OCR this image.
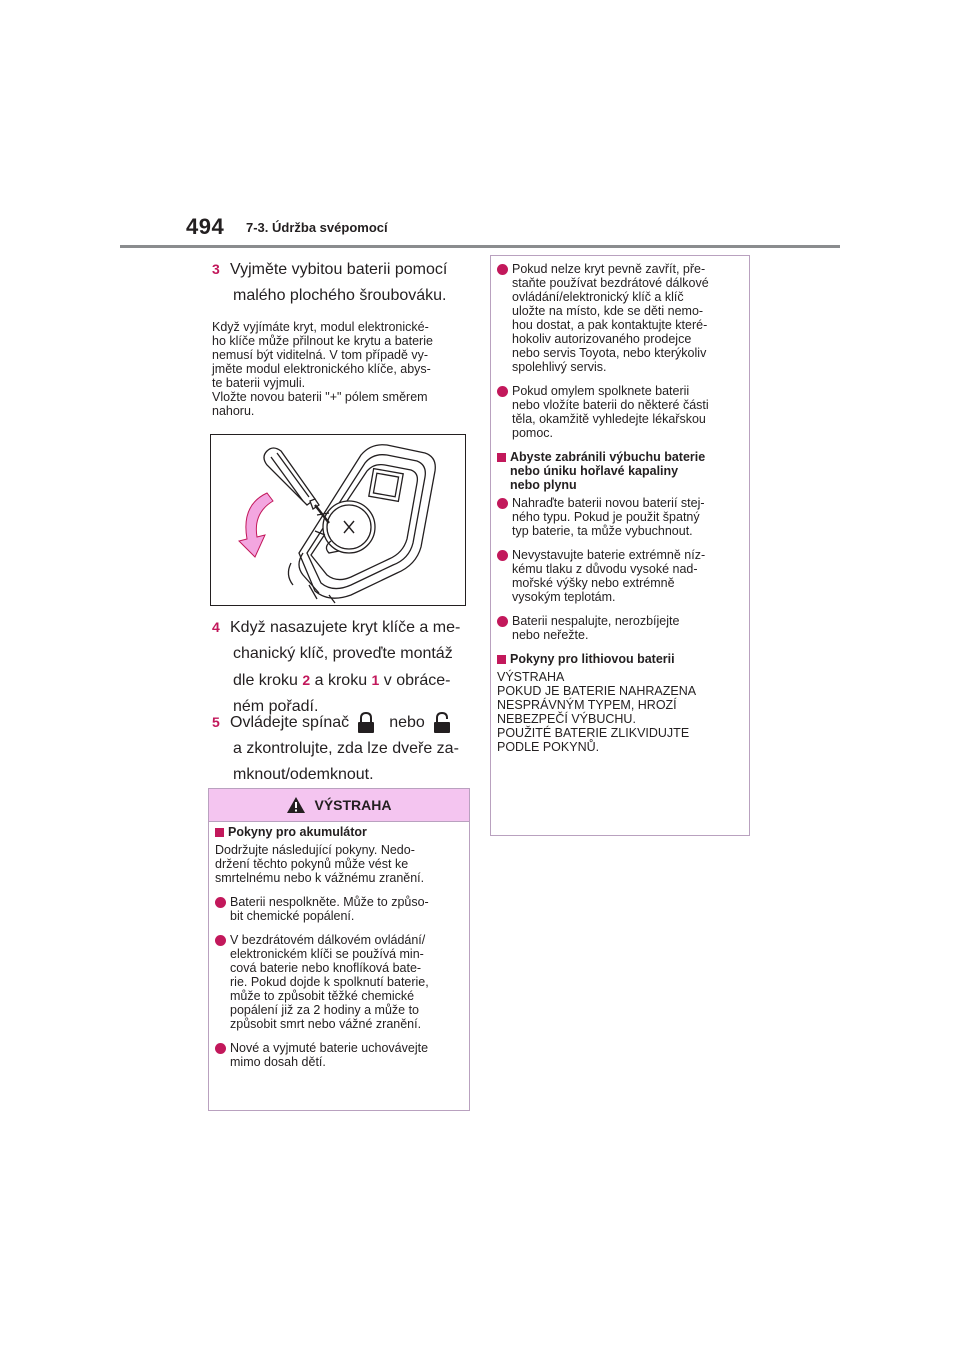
494 7-3. Údržba svépomocí
3 Vyjměte vybitou baterii pomocí
malého plochého šroubováku.
Když vyjímáte kryt, modul elektronické-
ho klíče může přilnout ke krytu a baterie
nemusí být viditelná. V tom případě vy-
jměte modul elektronického klíče, abys-
te baterii vyjmuli.
Vložte novou baterii "+" pólem směrem
nahoru.
4 Když nasazujete kryt klíče a me-
chanický klíč, proveďte montáž
dle kroku 2 a kroku 1 v obráce-
ném pořadí.
5 Ovládejte spínač	nebo
a zkontrolujte, zda lze dveře za-
mknout/odemknout.
VÝSTRAHA
Pokyny pro akumulátor
Dodržujte následující pokyny. Nedo-
držení těchto pokynů může vést ke
smrtelnému nebo k vážnému zranění.
Baterii nespolkněte. Může to způso-
bit chemické popálení.
V bezdrátovém dálkovém ovládání/
elektronickém klíči se používá min-
cová baterie nebo knoflíková bate-
rie. Pokud dojde k spolknutí baterie,
může to způsobit těžké chemické
popálení již za 2 hodiny a může to
způsobit smrt nebo vážné zranění.
Nové a vyjmuté baterie uchovávejte
mimo dosah dětí.
Pokud nelze kryt pevně zavřít, pře-
staňte používat bezdrátové dálkové
ovládání/elektronický klíč a klíč
uložte na místo, kde se děti nemo-
hou dostat, a pak kontaktujte které-
hokoliv autorizovaného prodejce
nebo servis Toyota, nebo kterýkoliv
spolehlivý servis.
Pokud omylem spolknete baterii
nebo vložíte baterii do některé části
těla, okamžitě vyhledejte lékařskou
pomoc.
Abyste zabránili výbuchu baterie
nebo úniku hořlavé kapaliny
nebo plynu
Nahraďte baterii novou baterií stej-
ného typu. Pokud je použit špatný
typ baterie, ta může vybuchnout.
Nevystavujte baterie extrémně níz-
kému tlaku z důvodu vysoké nad-
mořské výšky nebo extrémně
vysokým teplotám.
Baterii nespalujte, nerozbíjejte
nebo neřežte.
Pokyny pro lithiovou baterii
VÝSTRAHA
POKUD JE BATERIE NAHRAZENA
NESPRÁVNÝM TYPEM, HROZÍ
NEBEZPEČÍ VÝBUCHU.
POUŽITÉ BATERIE ZLIKVIDUJTE
PODLE POKYNŮ.
